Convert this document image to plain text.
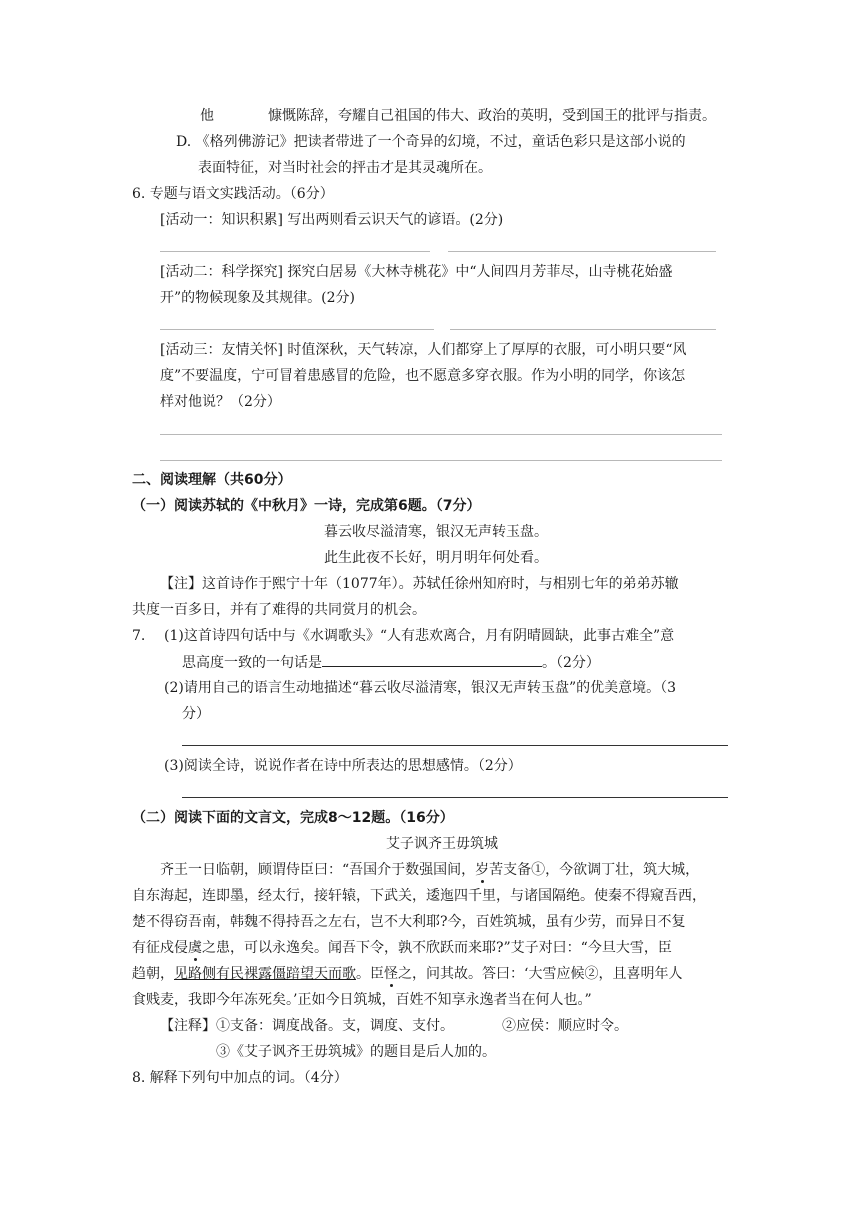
他	慷慨陈辞，夸耀自己祖国的伟大、政治的英明，受到国王的批评与指责。
D. 《格列佛游记》把读者带进了一个奇异的幻境，不过，童话色彩只是这部小说的
表面特征，对当时社会的抨击才是其灵魂所在。
6. 专题与语文实践活动。（6分）
[活动一：知识积累] 写出两则看云识天气的谚语。(2分)
[活动二：科学探究] 探究白居易《大林寺桃花》中“人间四月芳菲尽，山寺桃花始盛
开”的物候现象及其规律。(2分)
[活动三：友情关怀] 时值深秋，天气转凉，人们都穿上了厚厚的衣服，可小明只要“风
度”不要温度，宁可冒着患感冒的危险，也不愿意多穿衣服。作为小明的同学，你该怎
样对他说？（2分）
二、阅读理解（共60分）
（一）阅读苏轼的《中秋月》一诗，完成第6题。（7分）
暮云收尽溢清寒，银汉无声转玉盘。
此生此夜不长好，明月明年何处看。
【注】这首诗作于熙宁十年（1077年）。苏轼任徐州知府时，与相别七年的弟弟苏辙
共度一百多日，并有了难得的共同赏月的机会。
7. (1)这首诗四句话中与《水调歌头》“人有悲欢离合，月有阴晴圆缺，此事古难全”意
思高度一致的一句话是	。（2分）
(2)请用自己的语言生动地描述“暮云收尽溢清寒，银汉无声转玉盘”的优美意境。（3
分）
(3)阅读全诗，说说作者在诗中所表达的思想感情。（2分）
（二）阅读下面的文言文，完成8～12题。（16分）
艾子讽齐王毋筑城
齐王一日临朝，顾谓侍臣曰：“吾国介于数强国间，岁苦支备①，今欲调丁壮，筑大城，
自东海起，连即墨，经太行，接轩辕，下武关，逶迤四千里，与诸国隔绝。使秦不得窥吾西，
楚不得窃吾南，韩魏不得持吾之左右，岂不大利耶?今，百姓筑城，虽有少劳，而异日不复
有征戍侵虞之患，可以永逸矣。闻吾下令，孰不欣跃而来耶?”艾子对曰：“今旦大雪，臣
趋朝，见路侧有民裸露僵踣望天而歌。臣怪之，问其故。答曰：‘大雪应候②，且喜明年人
食贱麦，我即今年冻死矣。’正如今日筑城，百姓不知享永逸者当在何人也。”
【注释】①支备：调度战备。支，调度、支付。	②应侯：顺应时令。
③《艾子讽齐王毋筑城》的题目是后人加的。
8. 解释下列句中加点的词。（4分）
